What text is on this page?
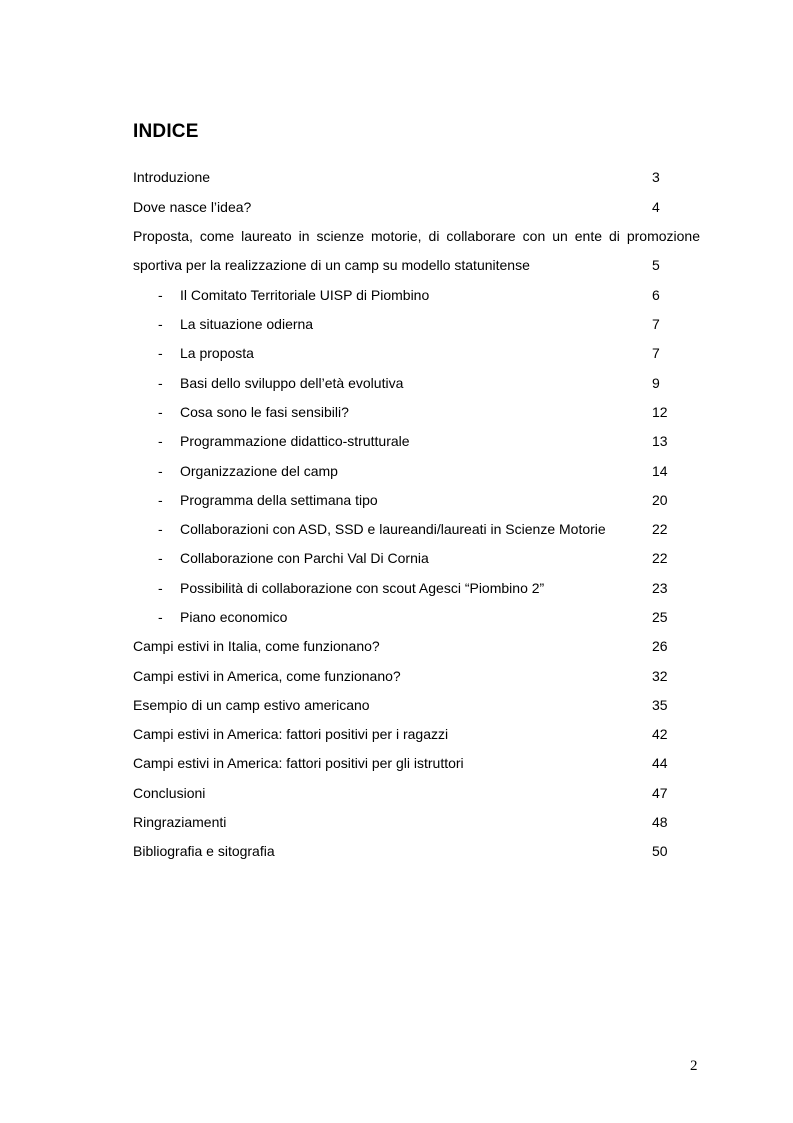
INDICE
Introduzione	3
Dove nasce l’idea?	4
Proposta, come laureato in scienze motorie, di collaborare con un ente di promozione
sportiva per la realizzazione di un camp su modello statunitense	5
- Il Comitato Territoriale UISP di Piombino	6
- La situazione odierna	7
- La proposta	7
- Basi dello sviluppo dell’età evolutiva	9
- Cosa sono le fasi sensibili?	12
- Programmazione didattico-strutturale	13
- Organizzazione del camp	14
- Programma della settimana tipo	20
- Collaborazioni con ASD, SSD e laureandi/laureati in Scienze Motorie	22
- Collaborazione con Parchi Val Di Cornia	22
- Possibilità di collaborazione con scout Agesci “Piombino 2”	23
- Piano economico	25
Campi estivi in Italia, come funzionano?	26
Campi estivi in America, come funzionano?	32
Esempio di un camp estivo americano	35
Campi estivi in America: fattori positivi per i ragazzi	42
Campi estivi in America: fattori positivi per gli istruttori	44
Conclusioni	47
Ringraziamenti	48
Bibliografia e sitografia	50
2
